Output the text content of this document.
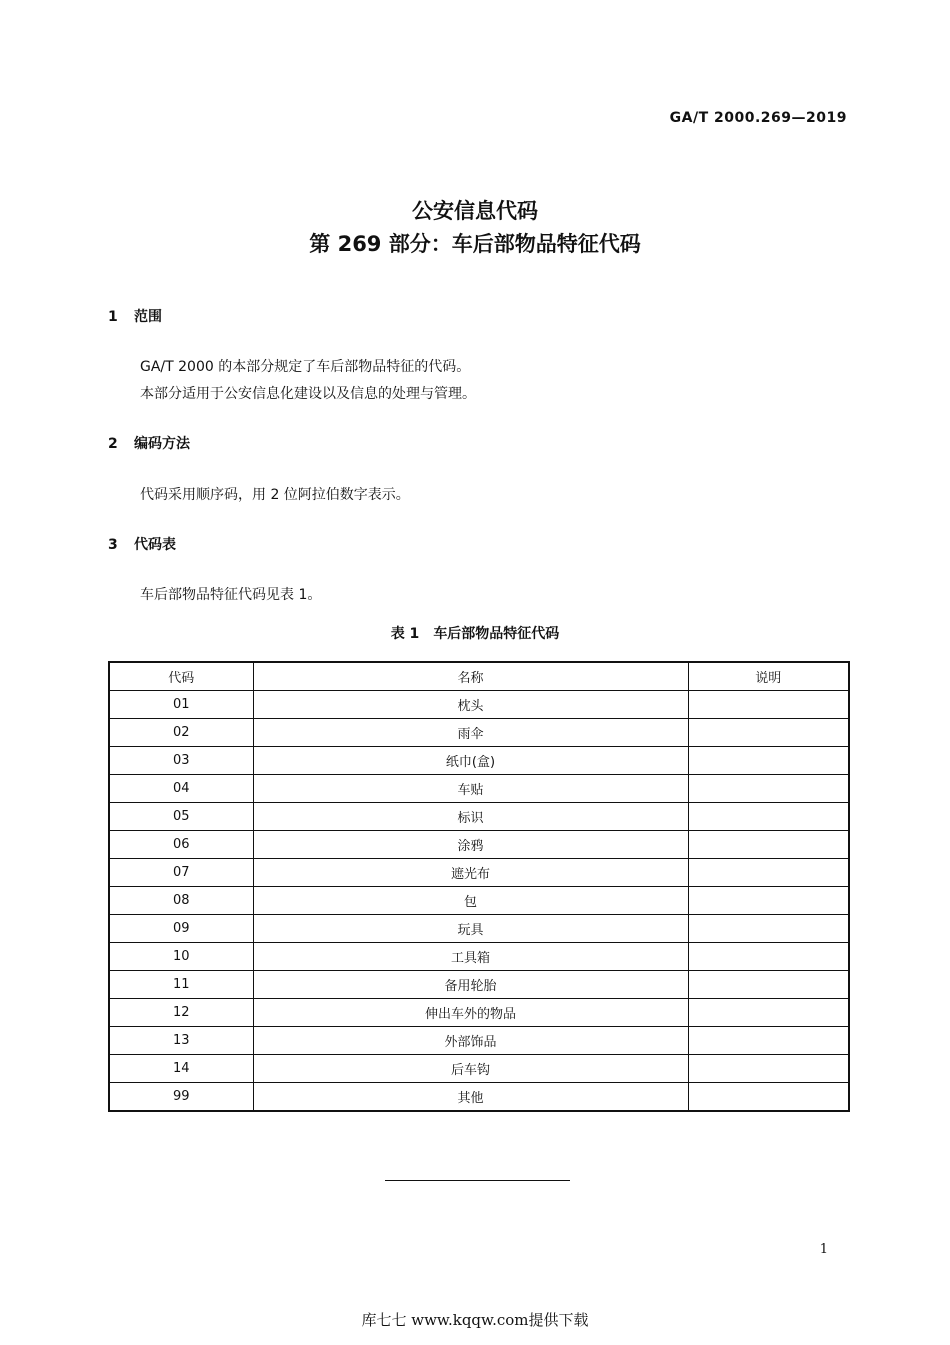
GA/T 2000.269—2019
公安信息代码
第 269 部分：车后部物品特征代码
1 范围
GA/T 2000 的本部分规定了车后部物品特征的代码。
本部分适用于公安信息化建设以及信息的处理与管理。
2 编码方法
代码采用顺序码，用 2 位阿拉伯数字表示。
3 代码表
车后部物品特征代码见表 1。
表 1 车后部物品特征代码
代码	名称	说明
01	枕头	
02	雨伞	
03	纸巾(盒)	
04	车贴	
05	标识	
06	涂鸦	
07	遮光布	
08	包	
09	玩具	
10	工具箱	
11	备用轮胎	
12	伸出车外的物品	
13	外部饰品	
14	后车钩	
99	其他	
1
库七七 www.kqqw.com提供下载
